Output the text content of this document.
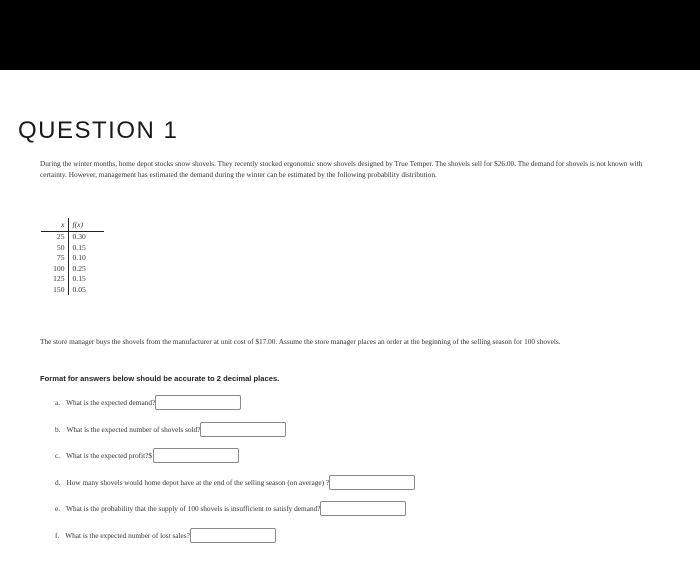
QUESTION 1

During the winter months, home depot stocks snow shovels. They recently stocked ergonomic snow shovels designed by True Temper. The shovels sell for $26.00. The demand for shovels is not known with certainty. However, management has estimated the demand during the winter can be estimated by the following probability distribution.

x	f(x)
25	0.30
50	0.15
75	0.10
100	0.25
125	0.15
150	0.05

The store manager buys the shovels from the manufacturer at unit cost of $17.00. Assume the store manager places an order at the beginning of the selling season for 100 shovels.

Format for answers below should be accurate to 2 decimal places.
a. What is the expected demand?
b. What is the expected number of shovels sold?
c. What is the expected profit? $
d. How many shovels would home depot have at the end of the selling season (on average) ?
e. What is the probability that the supply of 100 shovels is insufficient to satisfy demand?
f. What is the expected number of lost sales?
